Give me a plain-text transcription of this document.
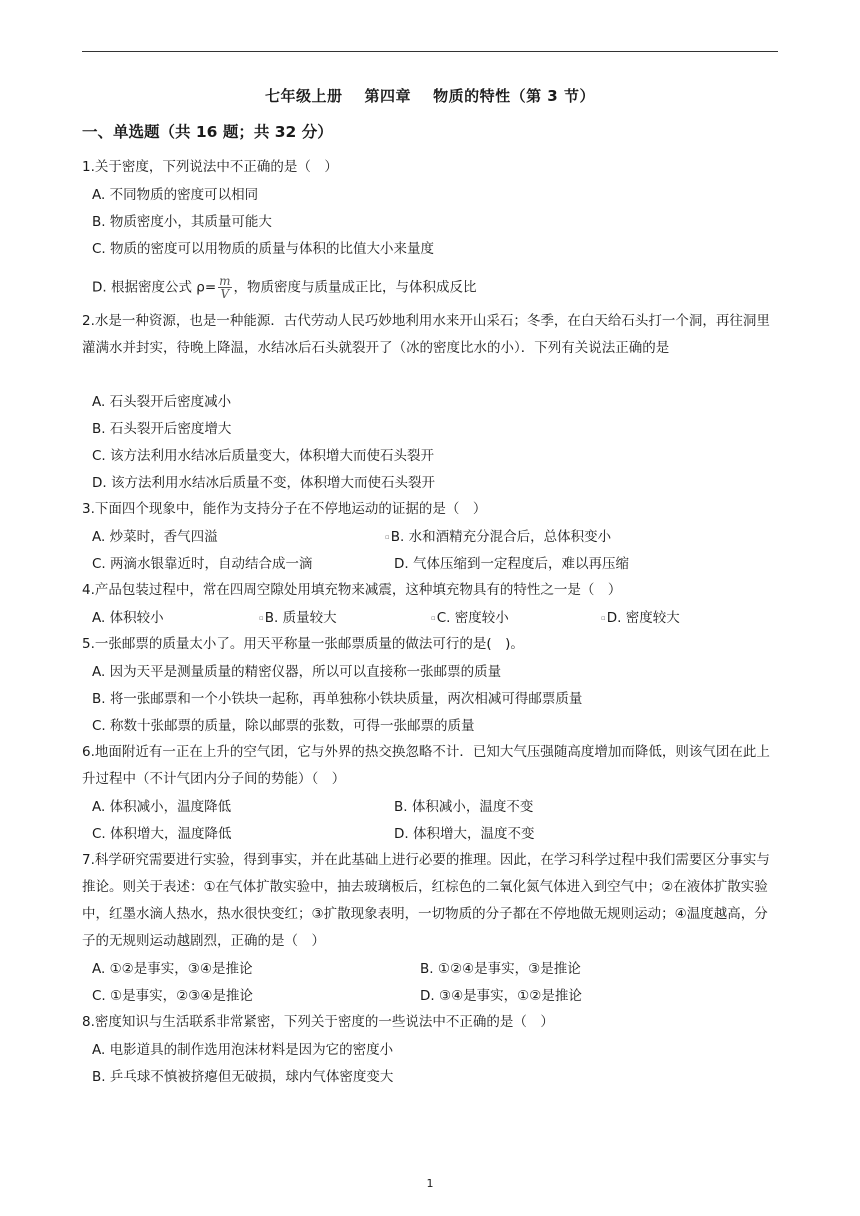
七年级上册 第四章 物质的特性（第 3 节）
一、单选题（共 16 题；共 32 分）
1.关于密度，下列说法中不正确的是（　）
A. 不同物质的密度可以相同
B. 物质密度小，其质量可能大
C. 物质的密度可以用物质的质量与体积的比值大小来量度
D. 根据密度公式 $\rho= \frac{m}{V}$ ，物质密度与质量成正比，与体积成反比
2.水是一种资源，也是一种能源．古代劳动人民巧妙地利用水来开山采石；冬季，在白天给石头打一个洞，再往洞里灌满水并封实，待晚上降温，水结冰后石头就裂开了（冰的密度比水的小）．下列有关说法正确的是
A. 石头裂开后密度减小
B. 石头裂开后密度增大
C. 该方法利用水结冰后质量变大，体积增大而使石头裂开
D. 该方法利用水结冰后质量不变，体积增大而使石头裂开
3.下面四个现象中，能作为支持分子在不停地运动的证据的是（　）
A. 炒菜时，香气四溢	▫B. 水和酒精充分混合后，总体积变小
C. 两滴水银靠近时，自动结合成一滴	D. 气体压缩到一定程度后，难以再压缩
4.产品包装过程中，常在四周空隙处用填充物来减震，这种填充物具有的特性之一是（　）
A. 体积较小	▫B. 质量较大	▫C. 密度较小	▫D. 密度较大
5.一张邮票的质量太小了。用天平称量一张邮票质量的做法可行的是(　)。
A. 因为天平是测量质量的精密仪器，所以可以直接称一张邮票的质量
B. 将一张邮票和一个小铁块一起称，再单独称小铁块质量，两次相减可得邮票质量
C. 称数十张邮票的质量，除以邮票的张数，可得一张邮票的质量
6.地面附近有一正在上升的空气团，它与外界的热交换忽略不计．已知大气压强随高度增加而降低，则该气团在此上升过程中（不计气团内分子间的势能）（　）
A. 体积减小，温度降低	B. 体积减小，温度不变
C. 体积增大，温度降低	D. 体积增大，温度不变
7.科学研究需要进行实验，得到事实，并在此基础上进行必要的推理。因此，在学习科学过程中我们需要区分事实与推论。则关于表述：①在气体扩散实验中，抽去玻璃板后，红棕色的二氧化氮气体进入到空气中；②在液体扩散实验中，红墨水滴人热水，热水很快变红；③扩散现象表明，一切物质的分子都在不停地做无规则运动；④温度越高，分子的无规则运动越剧烈，正确的是（　）
A. ①②是事实，③④是推论	B. ①②④是事实，③是推论
C. ①是事实，②③④是推论	D. ③④是事实，①②是推论
8.密度知识与生活联系非常紧密，下列关于密度的一些说法中不正确的是（　）
A. 电影道具的制作选用泡沫材料是因为它的密度小
B. 乒乓球不慎被挤瘪但无破损，球内气体密度变大
1
